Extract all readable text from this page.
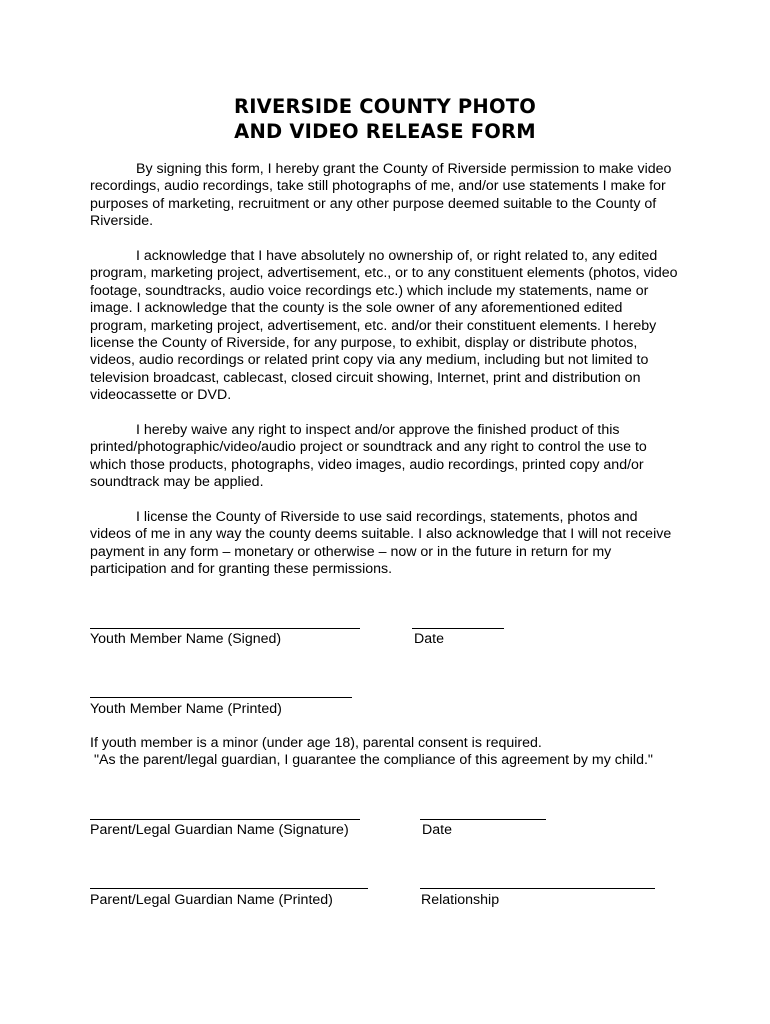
RIVERSIDE COUNTY PHOTO
AND VIDEO RELEASE FORM

By signing this form, I hereby grant the County of Riverside permission to make video recordings, audio recordings, take still photographs of me, and/or use statements I make for purposes of marketing, recruitment or any other purpose deemed suitable to the County of Riverside.

I acknowledge that I have absolutely no ownership of, or right related to, any edited program, marketing project, advertisement, etc., or to any constituent elements (photos, video footage, soundtracks, audio voice recordings etc.) which include my statements, name or image. I acknowledge that the county is the sole owner of any aforementioned edited program, marketing project, advertisement, etc. and/or their constituent elements. I hereby license the County of Riverside, for any purpose, to exhibit, display or distribute photos, videos, audio recordings or related print copy via any medium, including but not limited to television broadcast, cablecast, closed circuit showing, Internet, print and distribution on videocassette or DVD.

I hereby waive any right to inspect and/or approve the finished product of this printed/photographic/video/audio project or soundtrack and any right to control the use to which those products, photographs, video images, audio recordings, printed copy and/or soundtrack may be applied.

I license the County of Riverside to use said recordings, statements, photos and videos of me in any way the county deems suitable. I also acknowledge that I will not receive payment in any form – monetary or otherwise – now or in the future in return for my participation and for granting these permissions.

Youth Member Name (Signed)	Date
Youth Member Name (Printed)
If youth member is a minor (under age 18), parental consent is required.
"As the parent/legal guardian, I guarantee the compliance of this agreement by my child."
Parent/Legal Guardian Name (Signature)	Date
Parent/Legal Guardian Name (Printed)	Relationship
